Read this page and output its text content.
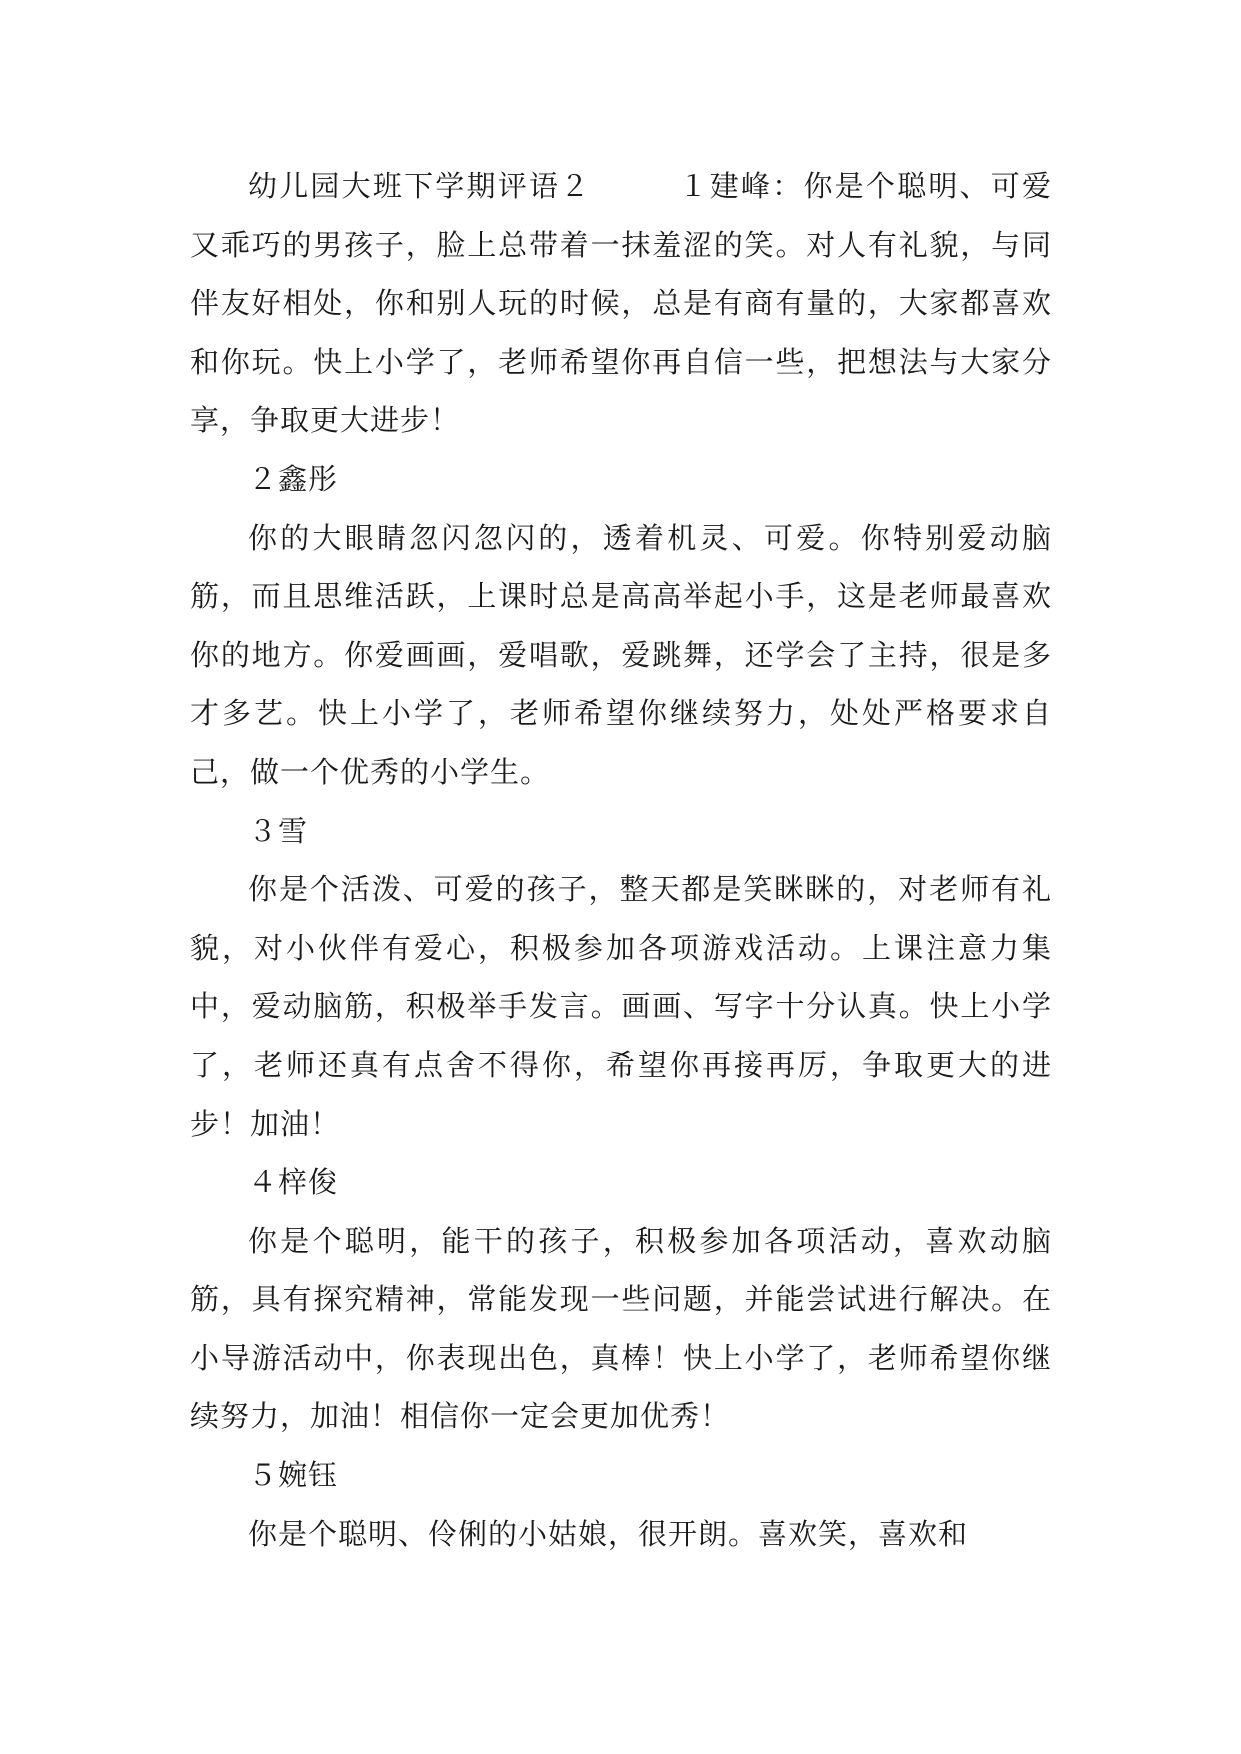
幼儿园大班下学期评语２	１建峰：你是个聪明、可爱又乖巧的男孩子，脸上总带着一抹羞涩的笑。对人有礼貌，与同伴友好相处，你和别人玩的时候，总是有商有量的，大家都喜欢和你玩。快上小学了，老师希望你再自信一些，把想法与大家分享，争取更大进步！

２鑫彤

你的大眼睛忽闪忽闪的，透着机灵、可爱。你特别爱动脑筋，而且思维活跃，上课时总是高高举起小手，这是老师最喜欢你的地方。你爱画画，爱唱歌，爱跳舞，还学会了主持，很是多才多艺。快上小学了，老师希望你继续努力，处处严格要求自己，做一个优秀的小学生。

３雪

你是个活泼、可爱的孩子，整天都是笑眯眯的，对老师有礼貌，对小伙伴有爱心，积极参加各项游戏活动。上课注意力集中，爱动脑筋，积极举手发言。画画、写字十分认真。快上小学了，老师还真有点舍不得你，希望你再接再厉，争取更大的进步！加油！

４梓俊

你是个聪明，能干的孩子，积极参加各项活动，喜欢动脑筋，具有探究精神，常能发现一些问题，并能尝试进行解决。在小导游活动中，你表现出色，真棒！快上小学了，老师希望你继续努力，加油！相信你一定会更加优秀！

５婉钰

你是个聪明、伶俐的小姑娘，很开朗。喜欢笑，喜欢和
